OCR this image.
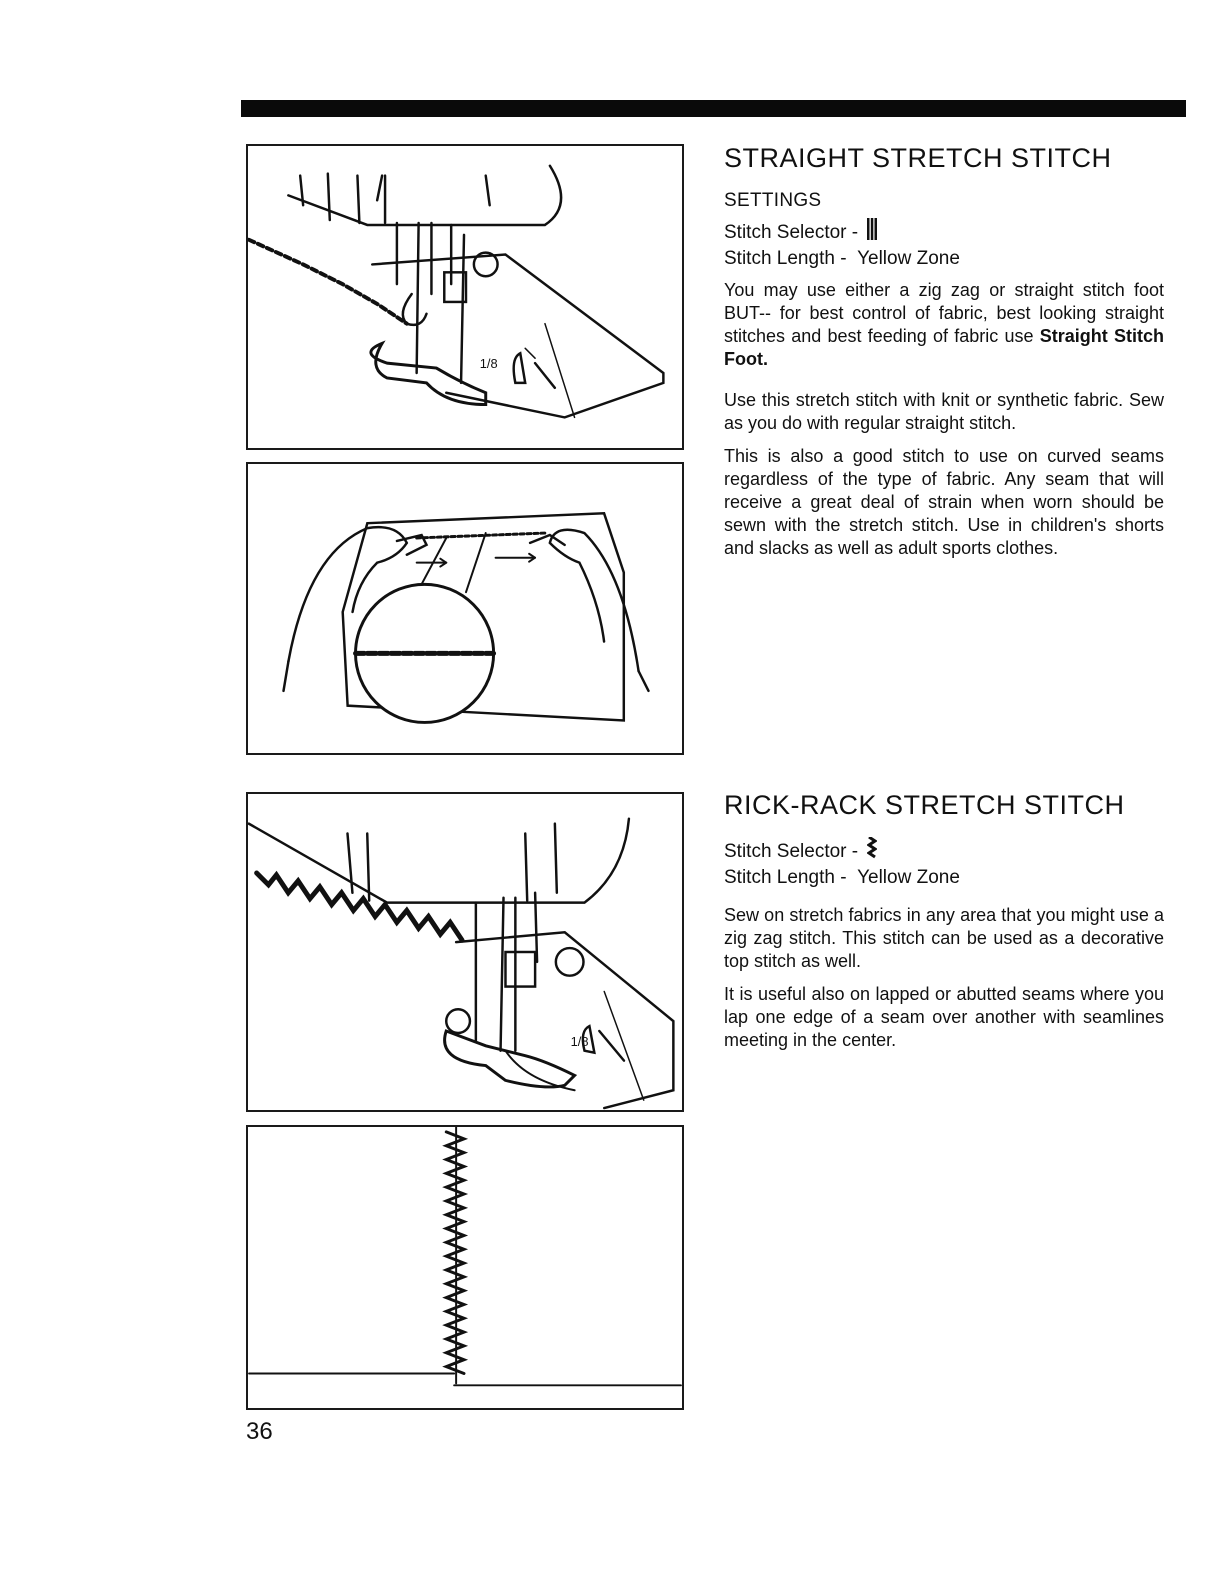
1/8
1/8
STRAIGHT STRETCH STITCH
SETTINGS
Stitch Selector -
Stitch Length - Yellow Zone

You may use either a zig zag or straight stitch foot BUT-- for best control of fabric, best looking straight stitches and best feeding of fabric use Straight Stitch Foot.

Use this stretch stitch with knit or synthetic fabric. Sew as you do with regular straight stitch.

This is also a good stitch to use on curved seams regardless of the type of fabric. Any seam that will receive a great deal of strain when worn should be sewn with the stretch stitch. Use in children's shorts and slacks as well as adult sports clothes.

RICK-RACK STRETCH STITCH
Stitch Selector -
Stitch Length - Yellow Zone

Sew on stretch fabrics in any area that you might use a zig zag stitch. This stitch can be used as a decorative top stitch as well.

It is useful also on lapped or abutted seams where you lap one edge of a seam over another with seamlines meeting in the center.

36
